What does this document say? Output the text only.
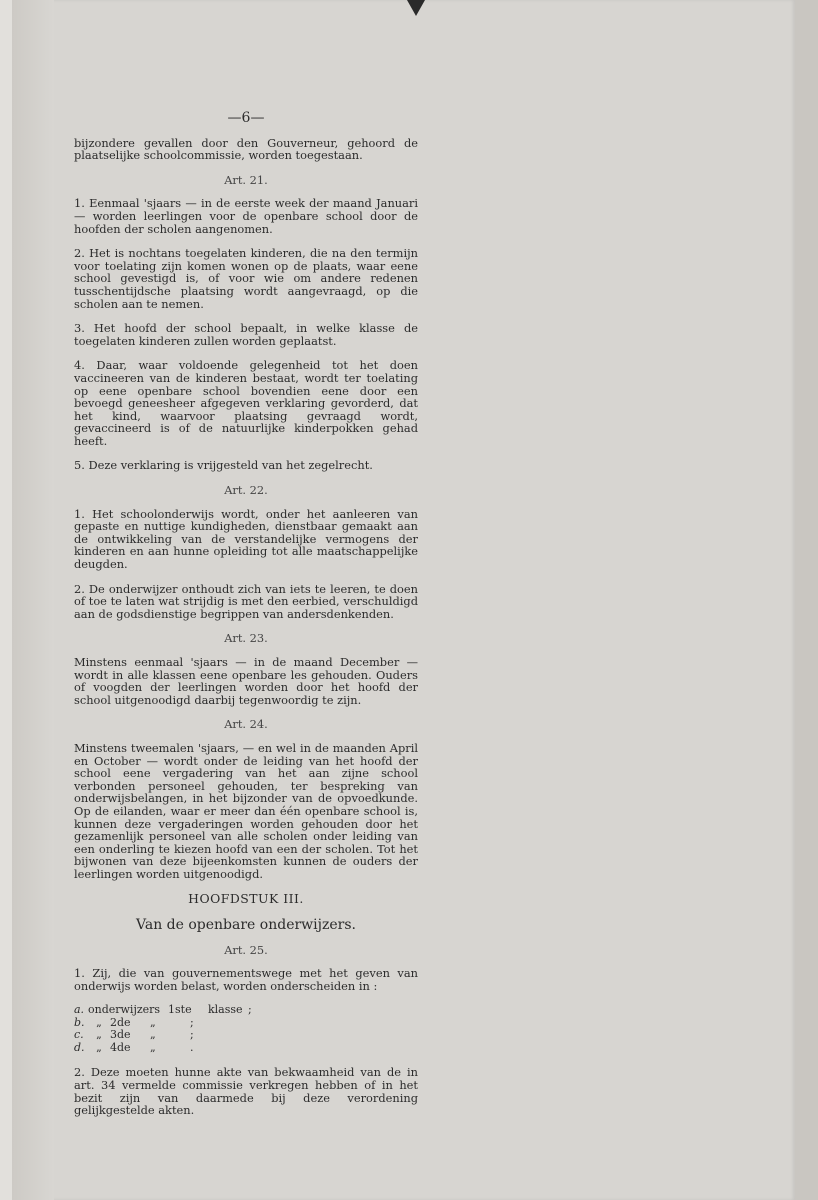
—6—

bijzondere gevallen door den Gouverneur, gehoord de plaatselijke schoolcommissie, worden toegestaan.

Art. 21.

1. Eenmaal 'sjaars — in de eerste week der maand Januari — worden leerlingen voor de openbare school door de hoofden der scholen aangenomen.

2. Het is nochtans toegelaten kinderen, die na den termijn voor toelating zijn komen wonen op de plaats, waar eene school gevestigd is, of voor wie om andere redenen tusschentijdsche plaatsing wordt aangevraagd, op die scholen aan te nemen.

3. Het hoofd der school bepaalt, in welke klasse de toegelaten kinderen zullen worden geplaatst.

4. Daar, waar voldoende gelegenheid tot het doen vaccineeren van de kinderen bestaat, wordt ter toelating op eene openbare school bovendien eene door een bevoegd geneesheer afgegeven verklaring gevorderd, dat het kind, waarvoor plaatsing gevraagd wordt, gevaccineerd is of de natuurlijke kinderpokken gehad heeft.

5. Deze verklaring is vrijgesteld van het zegelrecht.

Art. 22.

1. Het schoolonderwijs wordt, onder het aanleeren van gepaste en nuttige kundigheden, dienstbaar gemaakt aan de ontwikkeling van de verstandelijke vermogens der kinderen en aan hunne opleiding tot alle maatschappelijke deugden.

2. De onderwijzer onthoudt zich van iets te leeren, te doen of toe te laten wat strijdig is met den eerbied, verschuldigd aan de godsdienstige begrippen van andersdenkenden.

Art. 23.

Minstens eenmaal 'sjaars — in de maand December — wordt in alle klassen eene openbare les gehouden. Ouders of voogden der leerlingen worden door het hoofd der school uitgenoodigd daarbij tegenwoordig te zijn.

Art. 24.

Minstens tweemalen 'sjaars, — en wel in de maanden April en October — wordt onder de leiding van het hoofd der school eene vergadering van het aan zijne school verbonden personeel gehouden, ter bespreking van onderwijsbelangen, in het bijzonder van de opvoedkunde. Op de eilanden, waar er meer dan één openbare school is, kunnen deze vergaderingen worden gehouden door het gezamenlijk personeel van alle scholen onder leiding van een onderling te kiezen hoofd van een der scholen. Tot het bijwonen van deze bijeenkomsten kunnen de ouders der leerlingen worden uitgenoodigd.

HOOFDSTUK III.
Van de openbare onderwijzers.
Art. 25.

1. Zij, die van gouvernementswege met het geven van onderwijs worden belast, worden onderscheiden in :

a. onderwijzers 1ste	klasse ;
b.	„ 2de	„	;
c.	„ 3de	„	;
d.	„ 4de	„	.

2. Deze moeten hunne akte van bekwaamheid van de in art. 34 vermelde commissie verkregen hebben of in het bezit zijn van daarmede bij deze verordening gelijkgestelde akten.
